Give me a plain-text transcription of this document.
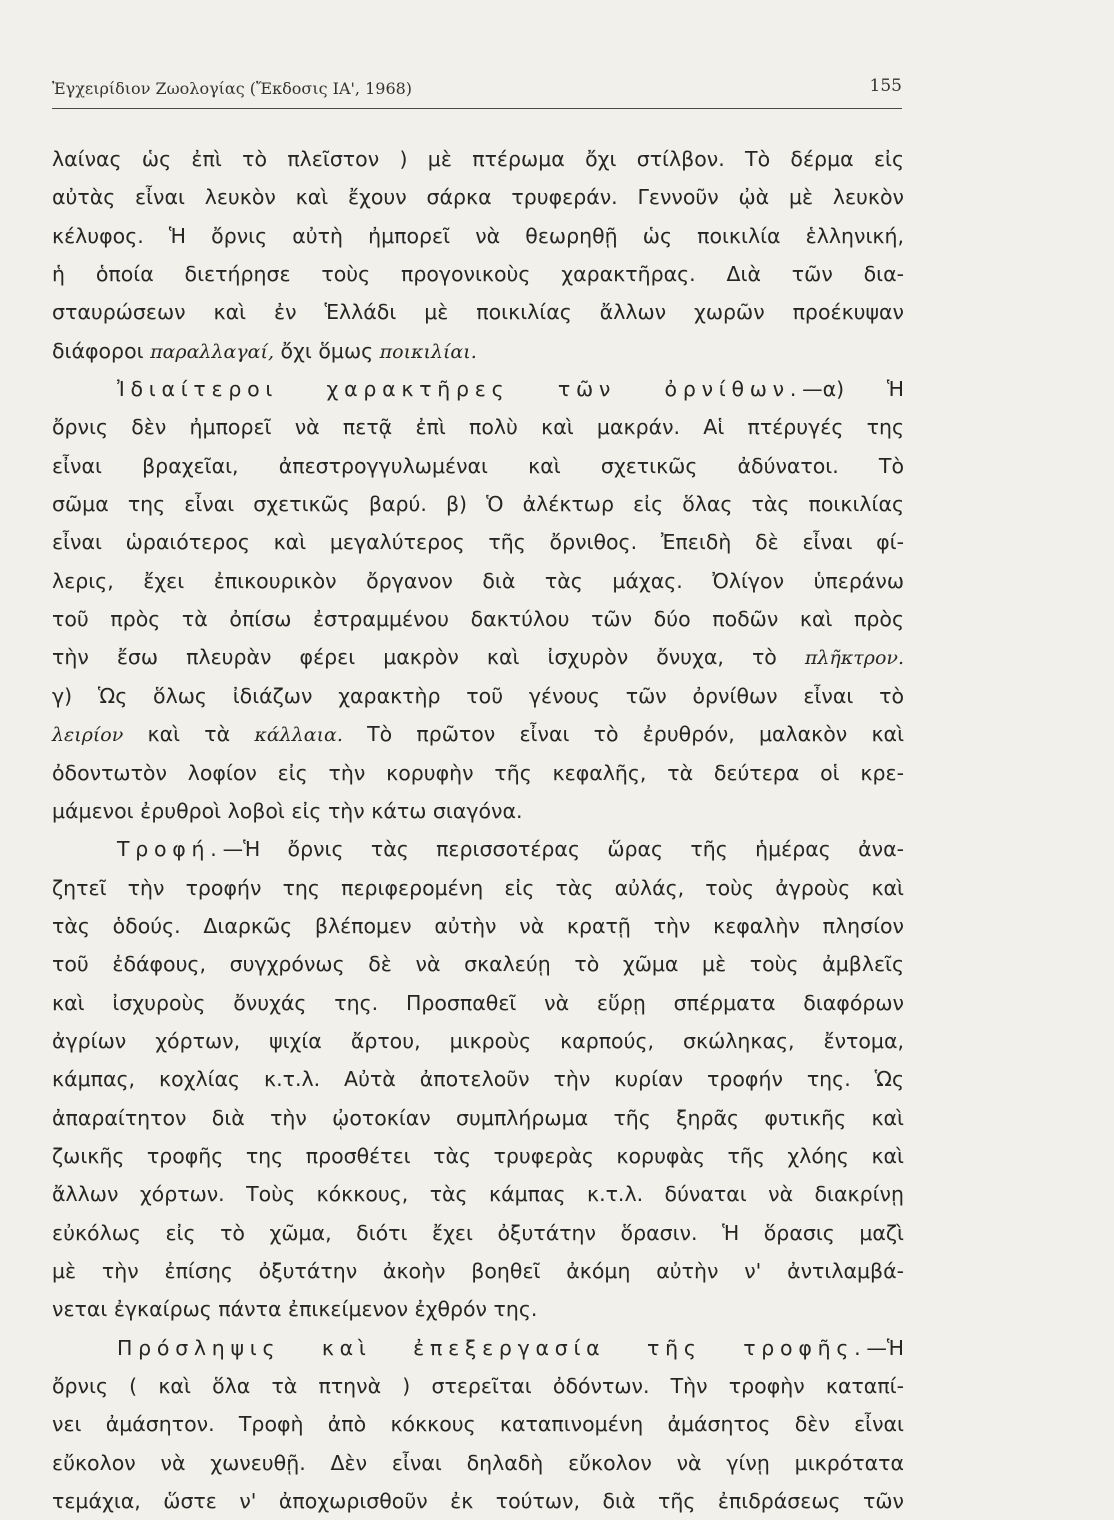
Ἐγχειρίδιον Ζωολογίας (Ἔκδοσις ΙΑ', 1968)	155
λαίνας ὡς ἐπὶ τὸ πλεῖστον ) μὲ πτέρωμα ὄχι στίλβον. Τὸ δέρμα εἰς
αὐτὰς εἶναι λευκὸν καὶ ἔχουν σάρκα τρυφεράν. Γεννοῦν ᾠὰ μὲ λευκὸν
κέλυφος. Ἡ ὄρνις αὐτὴ ἠμπορεῖ νὰ θεωρηθῇ ὡς ποικιλία ἑλληνική,
ἡ ὁποία διετήρησε τοὺς προγονικοὺς χαρακτῆρας. Διὰ τῶν δια-
σταυρώσεων καὶ ἐν Ἑλλάδι μὲ ποικιλίας ἄλλων χωρῶν προέκυψαν
διάφοροι παραλλαγαί, ὄχι ὅμως ποικιλίαι.
Ἰδιαίτεροι χαρακτῆρες τῶν ὀρνίθων.—α) Ἡ
ὄρνις δὲν ἠμπορεῖ νὰ πετᾷ ἐπὶ πολὺ καὶ μακράν. Αἱ πτέρυγές της
εἶναι βραχεῖαι, ἀπεστρογγυλωμέναι καὶ σχετικῶς ἀδύνατοι. Τὸ
σῶμα της εἶναι σχετικῶς βαρύ. β) Ὁ ἀλέκτωρ εἰς ὅλας τὰς ποικιλίας
εἶναι ὡραιότερος καὶ μεγαλύτερος τῆς ὄρνιθος. Ἐπειδὴ δὲ εἶναι φί-
λερις, ἔχει ἐπικουρικὸν ὄργανον διὰ τὰς μάχας. Ὀλίγον ὑπεράνω
τοῦ πρὸς τὰ ὀπίσω ἐστραμμένου δακτύλου τῶν δύο ποδῶν καὶ πρὸς
τὴν ἔσω πλευρὰν φέρει μακρὸν καὶ ἰσχυρὸν ὄνυχα, τὸ πλῆκτρον.
γ) Ὡς ὅλως ἰδιάζων χαρακτὴρ τοῦ γένους τῶν ὀρνίθων εἶναι τὸ
λειρίον καὶ τὰ κάλλαια. Τὸ πρῶτον εἶναι τὸ ἐρυθρόν, μαλακὸν καὶ
ὀδοντωτὸν λοφίον εἰς τὴν κορυφὴν τῆς κεφαλῆς, τὰ δεύτερα οἱ κρε-
μάμενοι ἐρυθροὶ λοβοὶ εἰς τὴν κάτω σιαγόνα.
Τροφή.—Ἡ ὄρνις τὰς περισσοτέρας ὥρας τῆς ἡμέρας ἀνα-
ζητεῖ τὴν τροφήν της περιφερομένη εἰς τὰς αὐλάς, τοὺς ἀγροὺς καὶ
τὰς ὁδούς. Διαρκῶς βλέπομεν αὐτὴν νὰ κρατῇ τὴν κεφαλὴν πλησίον
τοῦ ἐδάφους, συγχρόνως δὲ νὰ σκαλεύῃ τὸ χῶμα μὲ τοὺς ἀμβλεῖς
καὶ ἰσχυροὺς ὄνυχάς της. Προσπαθεῖ νὰ εὕρῃ σπέρματα διαφόρων
ἀγρίων χόρτων, ψιχία ἄρτου, μικροὺς καρπούς, σκώληκας, ἔντομα,
κάμπας, κοχλίας κ.τ.λ. Αὐτὰ ἀποτελοῦν τὴν κυρίαν τροφήν της. Ὡς
ἀπαραίτητον διὰ τὴν ᾠοτοκίαν συμπλήρωμα τῆς ξηρᾶς φυτικῆς καὶ
ζωικῆς τροφῆς της προσθέτει τὰς τρυφερὰς κορυφὰς τῆς χλόης καὶ
ἄλλων χόρτων. Τοὺς κόκκους, τὰς κάμπας κ.τ.λ. δύναται νὰ διακρίνῃ
εὐκόλως εἰς τὸ χῶμα, διότι ἔχει ὀξυτάτην ὅρασιν. Ἡ ὅρασις μαζὶ
μὲ τὴν ἐπίσης ὀξυτάτην ἀκοὴν βοηθεῖ ἀκόμη αὐτὴν ν' ἀντιλαμβά-
νεται ἐγκαίρως πάντα ἐπικείμενον ἐχθρόν της.
Πρόσληψις καὶ ἐπεξεργασία τῆς τροφῆς.—Ἡ
ὄρνις ( καὶ ὅλα τὰ πτηνὰ ) στερεῖται ὀδόντων. Τὴν τροφὴν καταπί-
νει ἀμάσητον. Τροφὴ ἀπὸ κόκκους καταπινομένη ἀμάσητος δὲν εἶναι
εὔκολον νὰ χωνευθῇ. Δὲν εἶναι δηλαδὴ εὔκολον νὰ γίνῃ μικρότατα
τεμάχια, ὥστε ν' ἀποχωρισθοῦν ἐκ τούτων, διὰ τῆς ἐπιδράσεως τῶν
